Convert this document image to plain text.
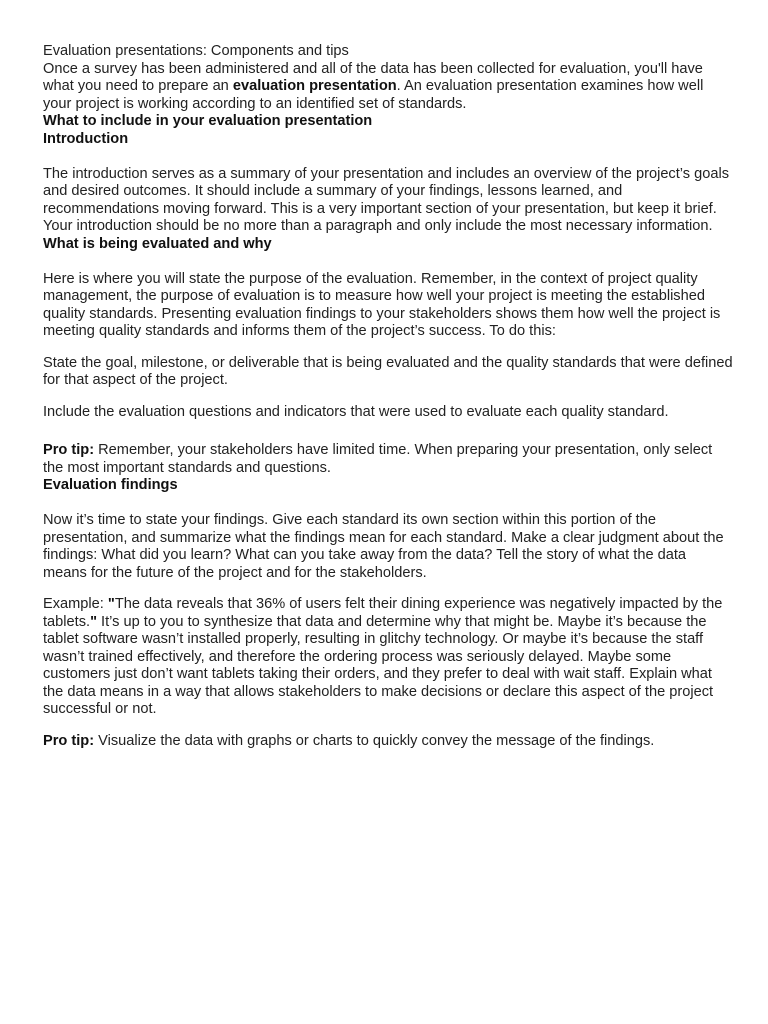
Evaluation presentations: Components and tips

Once a survey has been administered and all of the data has been collected for evaluation, you'll have what you need to prepare an evaluation presentation. An evaluation presentation examines how well your project is working according to an identified set of standards.

What to include in your evaluation presentation
Introduction

The introduction serves as a summary of your presentation and includes an overview of the project’s goals and desired outcomes. It should include a summary of your findings, lessons learned, and recommendations moving forward. This is a very important section of your presentation, but keep it brief. Your introduction should be no more than a paragraph and only include the most necessary information.

What is being evaluated and why

Here is where you will state the purpose of the evaluation. Remember, in the context of project quality management, the purpose of evaluation is to measure how well your project is meeting the established quality standards. Presenting evaluation findings to your stakeholders shows them how well the project is meeting quality standards and informs them of the project’s success. To do this:

State the goal, milestone, or deliverable that is being evaluated and the quality standards that were defined for that aspect of the project.

Include the evaluation questions and indicators that were used to evaluate each quality standard.

Pro tip: Remember, your stakeholders have limited time. When preparing your presentation, only select the most important standards and questions.

Evaluation findings

Now it’s time to state your findings. Give each standard its own section within this portion of the presentation, and summarize what the findings mean for each standard. Make a clear judgment about the findings: What did you learn? What can you take away from the data? Tell the story of what the data means for the future of the project and for the stakeholders.

Example: "The data reveals that 36% of users felt their dining experience was negatively impacted by the tablets." It’s up to you to synthesize that data and determine why that might be. Maybe it’s because the tablet software wasn’t installed properly, resulting in glitchy technology. Or maybe it’s because the staff wasn’t trained effectively, and therefore the ordering process was seriously delayed. Maybe some customers just don’t want tablets taking their orders, and they prefer to deal with wait staff. Explain what the data means in a way that allows stakeholders to make decisions or declare this aspect of the project successful or not.

Pro tip: Visualize the data with graphs or charts to quickly convey the message of the findings.
